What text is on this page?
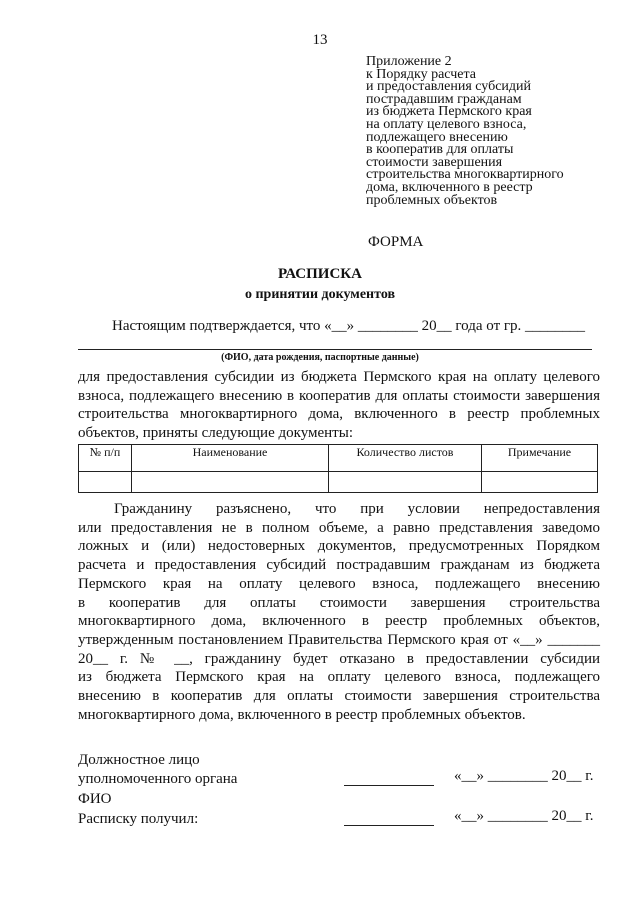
13
Приложение 2
к Порядку расчета
и предоставления субсидий
пострадавшим гражданам
из бюджета Пермского края
на оплату целевого взноса,
подлежащего внесению
в кооператив для оплаты
стоимости завершения
строительства многоквартирного
дома, включенного в реестр
проблемных объектов
ФОРМА
РАСПИСКА
о принятии документов
Настоящим подтверждается, что «__» ________ 20__ года от гр. ________
(ФИО, дата рождения, паспортные данные)
для предоставления субсидии из бюджета Пермского края на оплату целевого
взноса, подлежащего внесению в кооператив для оплаты стоимости завершения
строительства многоквартирного дома, включенного в реестр проблемных
объектов, приняты следующие документы:
№ п/п	Наименование	Количество листов	Примечание

Гражданину разъяснено, что при условии непредоставления
или предоставления не в полном объеме, а равно представления заведомо
ложных и (или) недостоверных документов, предусмотренных Порядком
расчета и предоставления субсидий пострадавшим гражданам из бюджета
Пермского края на оплату целевого взноса, подлежащего внесению
в кооператив для оплаты стоимости завершения строительства
многоквартирного дома, включенного в реестр проблемных объектов,
утвержденным постановлением Правительства Пермского края от «__» _______
20__ г. № __, гражданину будет отказано в предоставлении субсидии
из бюджета Пермского края на оплату целевого взноса, подлежащего
внесению в кооператив для оплаты стоимости завершения строительства
многоквартирного дома, включенного в реестр проблемных объектов.
Должностное лицо
уполномоченного органа	«__» ________ 20__ г.
ФИО
Расписку получил:	«__» ________ 20__ г.
